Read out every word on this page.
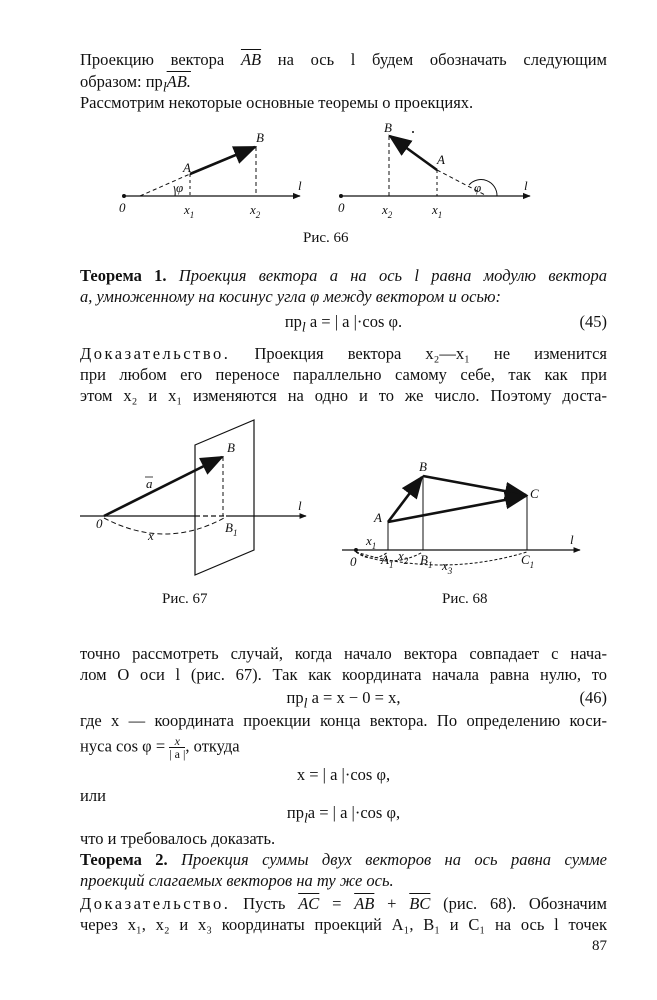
Проекцию вектора $\overline{AB}$ на ось l будем обозначать следующим
образом: $пр_lAB$.
Рассмотрим некоторые основные теоремы о проекциях.
0	$x_1$	$x_2$
A
B
l
φ
0	$x_2$	$x_1$
A
B
l
φ
Рис. 66
Теорема 1. Проекция вектора a на ось l равна модулю вектора
a, умноженному на косинус угла φ между вектором и осью:
$пр_l$ a = | a |·cos φ.	(45)
Доказательство. Проекция вектора x₂—x₁ не изменится
при любом его переносе параллельно самому себе, так как при
этом x₂ и x₁ изменяются на одно и то же число. Поэтому доста-
0
a
B
$B_1$
x
l
Рис. 67
A
B
C
$x_1$
$x_2$	$x_3$
$A_1$ $B_1$	$C_1$
0
l
Рис. 68
точно рассмотреть случай, когда начало вектора совпадает с нача-
лом O оси l (рис. 67). Так как координата начала равна нулю, то
$пр_l$ a = x − 0 = x,	(46)
где x — координата проекции конца вектора. По определению коси-
нуса $\cos \varphi = \frac{x}{| a |}$ , откуда
x = | a |·cos φ,
или
$пр_la$ = | a |·cos φ,
что и требовалось доказать.
Теорема 2. Проекция суммы двух векторов на ось равна сумме
проекций слагаемых векторов на ту же ось.
Доказательство. Пусть $\overline{AC} = \overline{AB} + \overline{BC}$ (рис. 68). Обозначим
через x₁, x₂ и x₃ координаты проекций A₁, B₁ и C₁ на ось l точек
87
